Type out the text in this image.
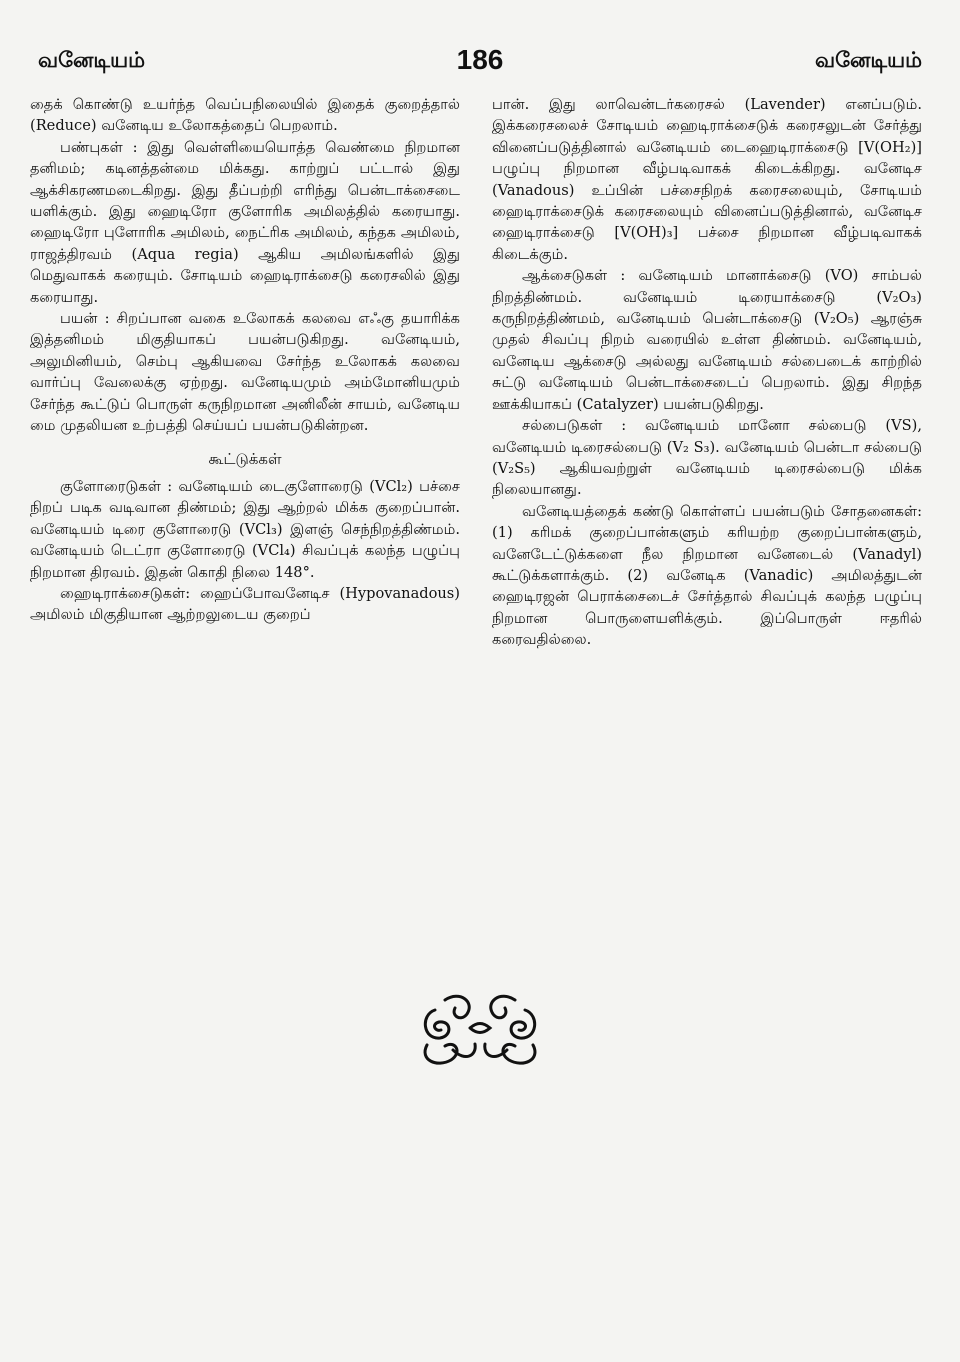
வனேடியம்	186	வனேடியம்

தைக் கொண்டு உயர்ந்த வெப்பநிலையில் இதைக் குறைத்தால் (Reduce) வனேடிய உலோகத்தைப் பெறலாம்.

பண்புகள் : இது வெள்ளியையொத்த வெண்மை நிறமான தனிமம்; கடினத்தன்மை மிக்கது. காற்றுப் பட்டால் இது ஆக்சிகரணமடைகிறது. இது தீப்பற்றி எரிந்து பென்டாக்சைடை யளிக்கும். இது ஹைடிரோ குளோரிக அமிலத்தில் கரையாது. ஹைடிரோ புளோரிக அமிலம், நைட்ரிக அமிலம், கந்தக அமிலம், ராஜத்திரவம் (Aqua regia) ஆகிய அமிலங்களில் இது மெதுவாகக் கரையும். சோடியம் ஹைடிராக்சைடு கரைசலில் இது கரையாது.

பயன் : சிறப்பான வகை உலோகக் கலவை எஃகு தயாரிக்க இத்தனிமம் மிகுதியாகப் பயன்படுகிறது. வனேடியம், அலுமினியம், செம்பு ஆகியவை சேர்ந்த உலோகக் கலவை வார்ப்பு வேலைக்கு ஏற்றது. வனேடியமும் அம்மோனியமும் சேர்ந்த கூட்டுப் பொருள் கருநிறமான அனிலீன் சாயம், வனேடிய மை முதலியன உற்பத்தி செய்யப் பயன்படுகின்றன.

கூட்டுக்கள்

குளோரைடுகள் : வனேடியம் டைகுளோரைடு (VCl₂) பச்சை நிறப் படிக வடிவான திண்மம்; இது ஆற்றல் மிக்க குறைப்பான். வனேடியம் டிரை குளோரைடு (VCl₃) இளஞ் செந்நிறத்திண்மம். வனேடியம் டெட்ரா குளோரைடு (VCl₄) சிவப்புக் கலந்த பழுப்பு நிறமான திரவம். இதன் கொதி நிலை 148°.

ஹைடிராக்சைடுகள்: ஹைப்போவனேடிச (Hypovanadous) அமிலம் மிகுதியான ஆற்றலுடைய குறைப்

பான். இது லாவென்டர்கரைசல் (Lavender) எனப்படும். இக்கரைசலைச் சோடியம் ஹைடிராக்சைடுக் கரைசலுடன் சேர்த்து வினைப்படுத்தினால் வனேடியம் டைஹைடிராக்சைடு [V(OH₂)] பழுப்பு நிறமான வீழ்படிவாகக் கிடைக்கிறது. வனேடிச (Vanadous) உப்பின் பச்சைநிறக் கரைசலையும், சோடியம் ஹைடிராக்சைடுக் கரைசலையும் வினைப்படுத்தினால், வனேடிச ஹைடிராக்சைடு [V(OH)₃] பச்சை நிறமான வீழ்படிவாகக் கிடைக்கும்.

ஆக்சைடுகள் : வனேடியம் மானாக்சைடு (VO) சாம்பல் நிறத்திண்மம். வனேடியம் டிரையாக்சைடு (V₂O₃) கருநிறத்திண்மம், வனேடியம் பென்டாக்சைடு (V₂O₅) ஆரஞ்சு முதல் சிவப்பு நிறம் வரையில் உள்ள திண்மம். வனேடியம், வனேடிய ஆக்சைடு அல்லது வனேடியம் சல்பைடைக் காற்றில் சுட்டு வனேடியம் பென்டாக்சைடைப் பெறலாம். இது சிறந்த ஊக்கியாகப் (Catalyzer) பயன்படுகிறது.

சல்பைடுகள் : வனேடியம் மானோ சல்பைடு (VS), வனேடியம் டிரைசல்பைடு (V₂ S₃). வனேடியம் பென்டா சல்பைடு (V₂S₅) ஆகியவற்றுள் வனேடியம் டிரைசல்பைடு மிக்க நிலையானது.

வனேடியத்தைக் கண்டு கொள்ளப் பயன்படும் சோதனைகள்: (1) கரிமக் குறைப்பான்களும் கரியற்ற குறைப்பான்களும், வனேடேட்டுக்களை நீல நிறமான வனேடைல் (Vanadyl) கூட்டுக்களாக்கும். (2) வனேடிக (Vanadic) அமிலத்துடன் ஹைடிரஜன் பெராக்சைடைச் சேர்த்தால் சிவப்புக் கலந்த பழுப்பு நிறமான பொருளையளிக்கும். இப்பொருள் ஈதரில் கரைவதில்லை.
